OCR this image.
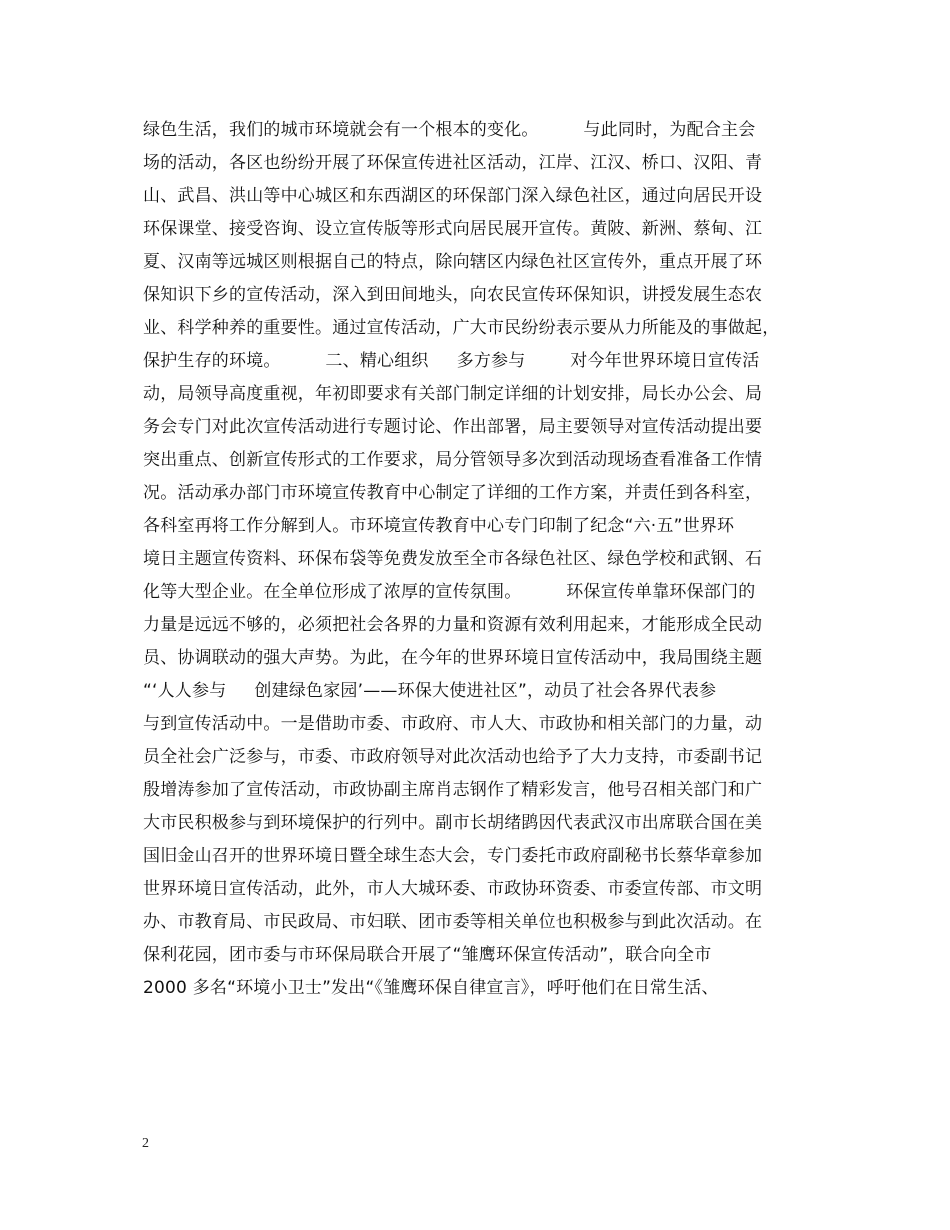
绿色生活，我们的城市环境就会有一个根本的变化。        与此同时，为配合主会
场的活动，各区也纷纷开展了环保宣传进社区活动，江岸、江汉、桥口、汉阳、青
山、武昌、洪山等中心城区和东西湖区的环保部门深入绿色社区，通过向居民开设
环保课堂、接受咨询、设立宣传版等形式向居民展开宣传。黄陂、新洲、蔡甸、江
夏、汉南等远城区则根据自己的特点，除向辖区内绿色社区宣传外，重点开展了环
保知识下乡的宣传活动，深入到田间地头，向农民宣传环保知识，讲授发展生态农
业、科学种养的重要性。通过宣传活动，广大市民纷纷表示要从力所能及的事做起，
保护生存的环境。        二、精心组织     多方参与        对今年世界环境日宣传活
动，局领导高度重视，年初即要求有关部门制定详细的计划安排，局长办公会、局
务会专门对此次宣传活动进行专题讨论、作出部署，局主要领导对宣传活动提出要
突出重点、创新宣传形式的工作要求，局分管领导多次到活动现场查看准备工作情
况。活动承办部门市环境宣传教育中心制定了详细的工作方案，并责任到各科室，
各科室再将工作分解到人。市环境宣传教育中心专门印制了纪念“六·五”世界环
境日主题宣传资料、环保布袋等免费发放至全市各绿色社区、绿色学校和武钢、石
化等大型企业。在全单位形成了浓厚的宣传氛围。        环保宣传单靠环保部门的
力量是远远不够的，必须把社会各界的力量和资源有效利用起来，才能形成全民动
员、协调联动的强大声势。为此，在今年的世界环境日宣传活动中，我局围绕主题
“‘人人参与     创建绿色家园’——环保大使进社区”，动员了社会各界代表参
与到宣传活动中。一是借助市委、市政府、市人大、市政协和相关部门的力量，动
员全社会广泛参与，市委、市政府领导对此次活动也给予了大力支持，市委副书记
殷增涛参加了宣传活动，市政协副主席肖志钢作了精彩发言，他号召相关部门和广
大市民积极参与到环境保护的行列中。副市长胡绪鹍因代表武汉市出席联合国在美
国旧金山召开的世界环境日暨全球生态大会，专门委托市政府副秘书长蔡华章参加
世界环境日宣传活动，此外，市人大城环委、市政协环资委、市委宣传部、市文明
办、市教育局、市民政局、市妇联、团市委等相关单位也积极参与到此次活动。在
保利花园，团市委与市环保局联合开展了“雏鹰环保宣传活动”，联合向全市
2000 多名“环境小卫士”发出“《雏鹰环保自律宣言》，呼吁他们在日常生活、
2
